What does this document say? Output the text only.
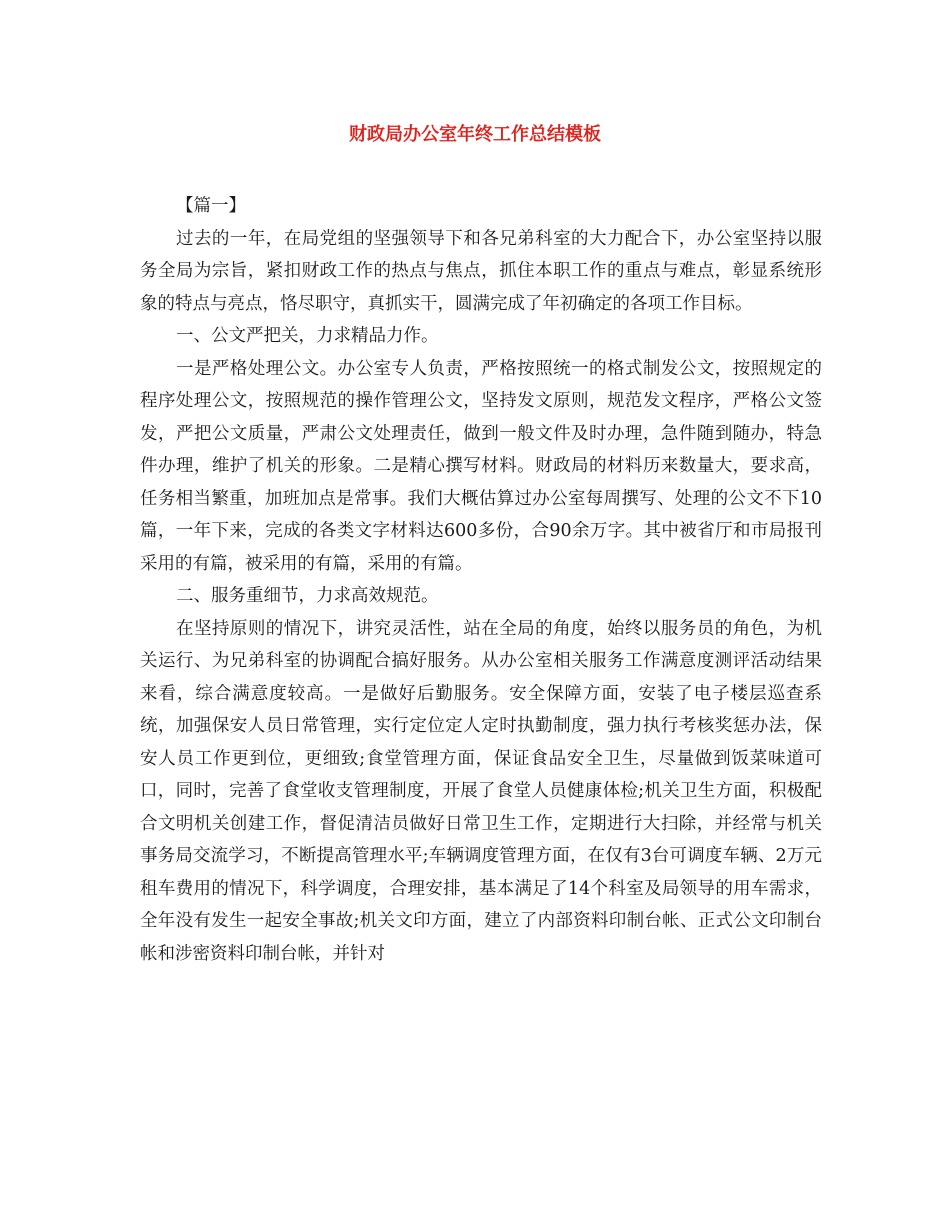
财政局办公室年终工作总结模板

【篇一】

过去的一年，在局党组的坚强领导下和各兄弟科室的大力配合下，办公室坚持以服务全局为宗旨，紧扣财政工作的热点与焦点，抓住本职工作的重点与难点，彰显系统形象的特点与亮点，恪尽职守，真抓实干，圆满完成了年初确定的各项工作目标。

一、公文严把关，力求精品力作。

一是严格处理公文。办公室专人负责，严格按照统一的格式制发公文，按照规定的程序处理公文，按照规范的操作管理公文，坚持发文原则，规范发文程序，严格公文签发，严把公文质量，严肃公文处理责任，做到一般文件及时办理，急件随到随办，特急件办理，维护了机关的形象。二是精心撰写材料。财政局的材料历来数量大，要求高，任务相当繁重，加班加点是常事。我们大概估算过办公室每周撰写、处理的公文不下10篇，一年下来，完成的各类文字材料达600多份，合90余万字。其中被省厅和市局报刊采用的有篇，被采用的有篇，采用的有篇。

二、服务重细节，力求高效规范。

在坚持原则的情况下，讲究灵活性，站在全局的角度，始终以服务员的角色，为机关运行、为兄弟科室的协调配合搞好服务。从办公室相关服务工作满意度测评活动结果来看，综合满意度较高。一是做好后勤服务。安全保障方面，安装了电子楼层巡查系统，加强保安人员日常管理，实行定位定人定时执勤制度，强力执行考核奖惩办法，保安人员工作更到位，更细致;食堂管理方面，保证食品安全卫生，尽量做到饭菜味道可口，同时，完善了食堂收支管理制度，开展了食堂人员健康体检;机关卫生方面，积极配合文明机关创建工作，督促清洁员做好日常卫生工作，定期进行大扫除，并经常与机关事务局交流学习，不断提高管理水平;车辆调度管理方面，在仅有3台可调度车辆、2万元租车费用的情况下，科学调度，合理安排，基本满足了14个科室及局领导的用车需求，全年没有发生一起安全事故;机关文印方面，建立了内部资料印制台帐、正式公文印制台帐和涉密资料印制台帐，并针对
